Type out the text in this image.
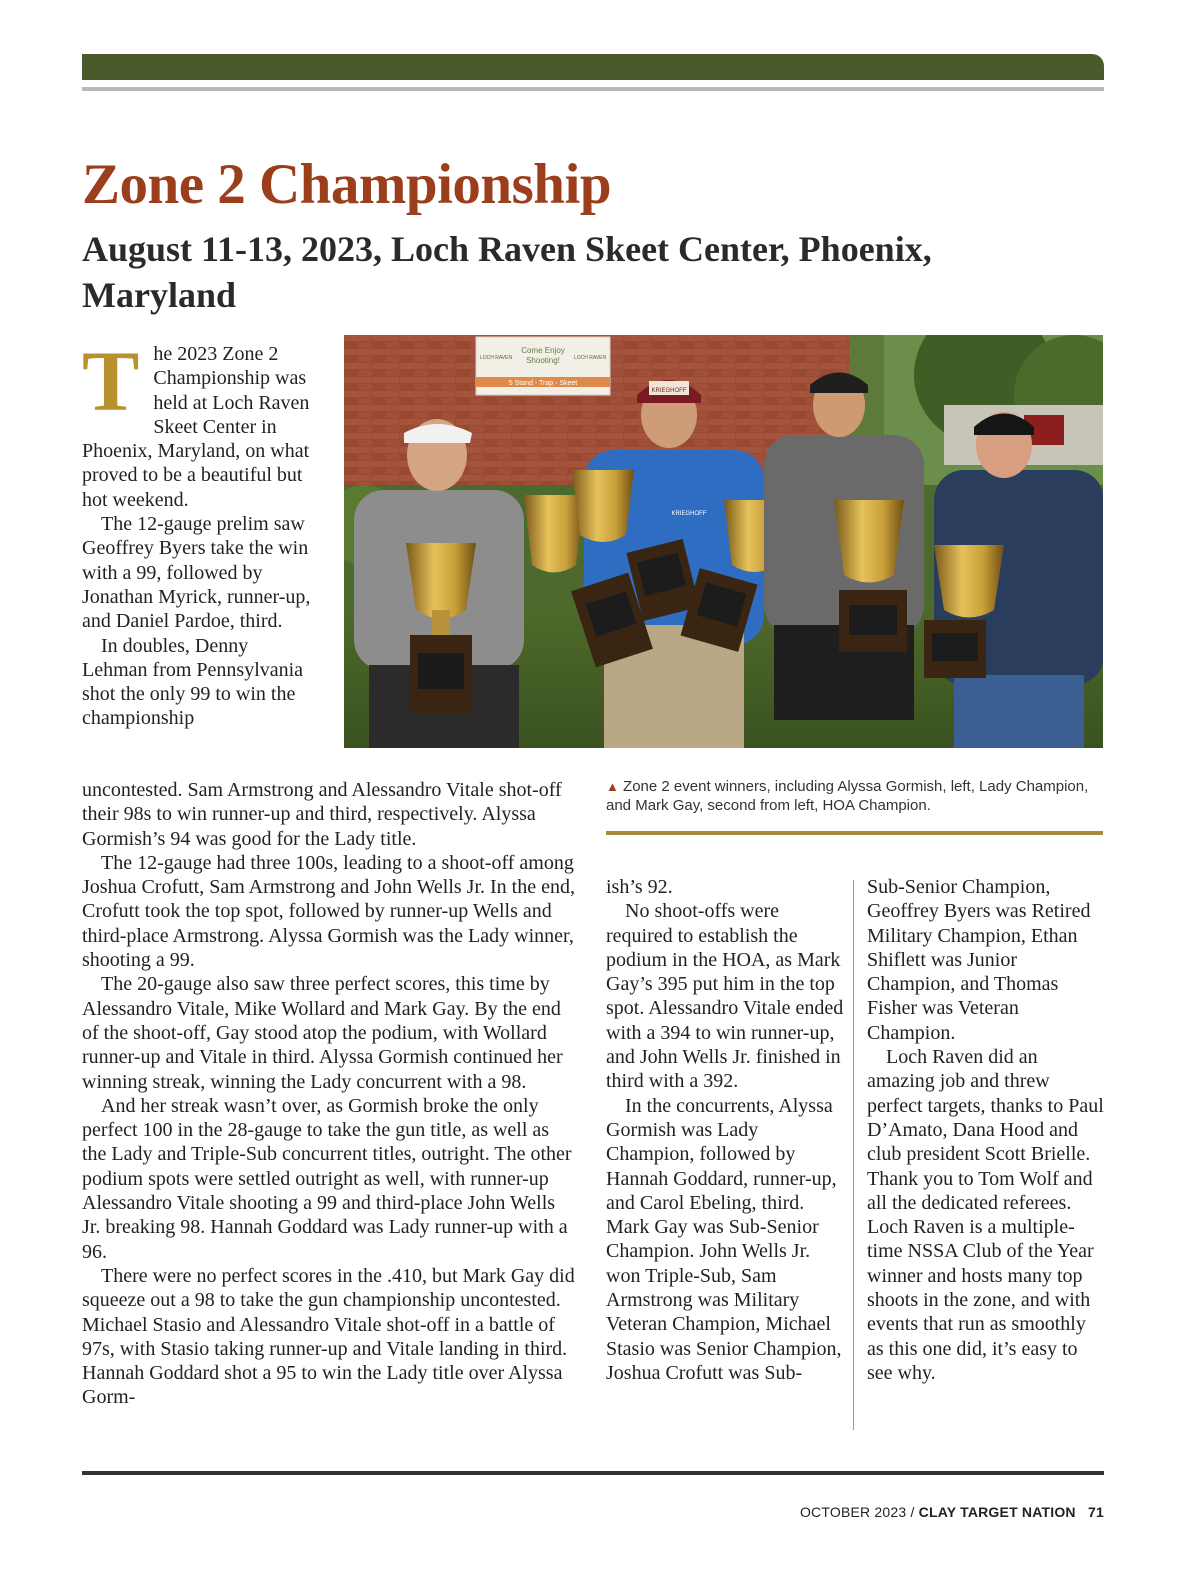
Zone 2 Championship
August 11-13, 2023, Loch Raven Skeet Center, Phoenix, Maryland
Come Enjoy
Shooting!
5 Stand - Trap - Skeet
LOCH RAVEN	LOCH RAVEN
KRIEGHOFF
KRIEGHOFF
▲ Zone 2 event winners, including Alyssa Gormish, left, Lady Champion, and Mark Gay, second from left, HOA Champion.
T he 2023 Zone 2 Championship was held at Loch Raven Skeet Center in Phoenix, Maryland, on what proved to be a beautiful but hot weekend.

The 12-gauge prelim saw Geoffrey Byers take the win with a 99, followed by Jonathan Myrick, runner-up, and Daniel Pardoe, third.

In doubles, Denny Lehman from Pennsylvania shot the only 99 to win the championship

uncontested. Sam Armstrong and Alessandro Vitale shot-off their 98s to win runner-up and third, respectively. Alyssa Gormish’s 94 was good for the Lady title.

The 12-gauge had three 100s, leading to a shoot-off among Joshua Crofutt, Sam Armstrong and John Wells Jr. In the end, Crofutt took the top spot, followed by runner-up Wells and third-place Armstrong. Alyssa Gormish was the Lady winner, shooting a 99.

The 20-gauge also saw three perfect scores, this time by Alessandro Vitale, Mike Wollard and Mark Gay. By the end of the shoot-off, Gay stood atop the podium, with Wollard runner-up and Vitale in third. Alyssa Gormish continued her winning streak, winning the Lady concurrent with a 98.

And her streak wasn’t over, as Gormish broke the only perfect 100 in the 28-gauge to take the gun title, as well as the Lady and Triple-Sub concurrent titles, outright. The other podium spots were settled outright as well, with runner-up Alessandro Vitale shooting a 99 and third-place John Wells Jr. breaking 98. Hannah Goddard was Lady runner-up with a 96.

There were no perfect scores in the .410, but Mark Gay did squeeze out a 98 to take the gun championship uncontested. Michael Stasio and Alessandro Vitale shot-off in a battle of 97s, with Stasio taking runner-up and Vitale landing in third. Hannah Goddard shot a 95 to win the Lady title over Alyssa Gorm-

ish’s 92.

No shoot-offs were required to establish the podium in the HOA, as Mark Gay’s 395 put him in the top spot. Alessandro Vitale ended with a 394 to win runner-up, and John Wells Jr. finished in third with a 392.

In the concurrents, Alyssa Gormish was Lady Champion, followed by Hannah Goddard, runner-up, and Carol Ebeling, third. Mark Gay was Sub-Senior Champion. John Wells Jr. won Triple-Sub, Sam Armstrong was Military Veteran Champion, Michael Stasio was Senior Champion, Joshua Crofutt was Sub-

Sub-Senior Champion, Geoffrey Byers was Retired Military Champion, Ethan Shiflett was Junior Champion, and Thomas Fisher was Veteran Champion.

Loch Raven did an amazing job and threw perfect targets, thanks to Paul D’Amato, Dana Hood and club president Scott Brielle. Thank you to Tom Wolf and all the dedicated referees. Loch Raven is a multiple-time NSSA Club of the Year winner and hosts many top shoots in the zone, and with events that run as smoothly as this one did, it’s easy to see why.

OCTOBER 2023 / CLAY TARGET NATION 71
